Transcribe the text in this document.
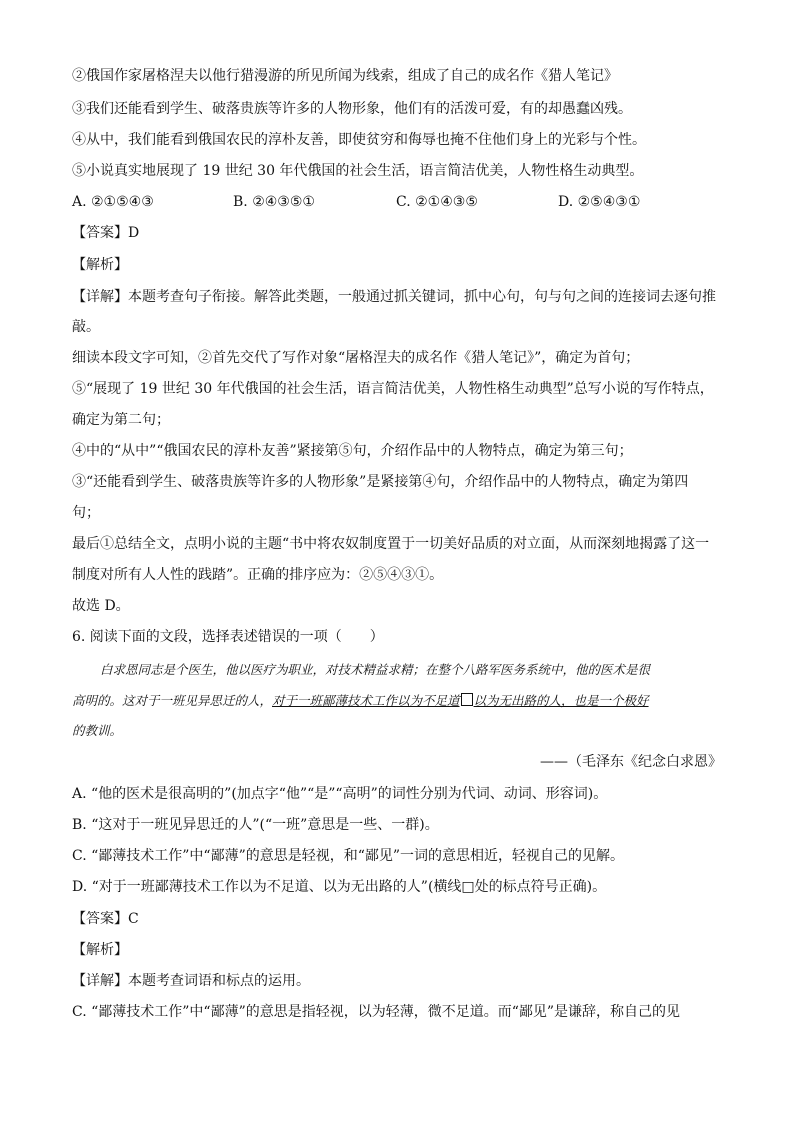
②俄国作家屠格涅夫以他行猎漫游的所见所闻为线索，组成了自己的成名作《猎人笔记》
③我们还能看到学生、破落贵族等许多的人物形象，他们有的活泼可爱，有的却愚蠢凶残。
④从中，我们能看到俄国农民的淳朴友善，即使贫穷和侮辱也掩不住他们身上的光彩与个性。
⑤小说真实地展现了 19 世纪 30 年代俄国的社会生活，语言简洁优美，人物性格生动典型。
A. ②①⑤④③	B. ②④③⑤①	C. ②①④③⑤	D. ②⑤④③①
【答案】D
【解析】
【详解】本题考查句子衔接。解答此类题，一般通过抓关键词，抓中心句，句与句之间的连接词去逐句推
敲。
细读本段文字可知，②首先交代了写作对象“屠格涅夫的成名作《猎人笔记》”，确定为首句；
⑤“展现了 19 世纪 30 年代俄国的社会生活，语言简洁优美，人物性格生动典型”总写小说的写作特点，
确定为第二句；
④中的“从中”“俄国农民的淳朴友善”紧接第⑤句，介绍作品中的人物特点，确定为第三句；
③“还能看到学生、破落贵族等许多的人物形象”是紧接第④句，介绍作品中的人物特点，确定为第四
句；
最后①总结全文，点明小说的主题“书中将农奴制度置于一切美好品质的对立面，从而深刻地揭露了这一
制度对所有人人性的践踏”。正确的排序应为：②⑤④③①。
故选 D。
6. 阅读下面的文段，选择表述错误的一项（　　）
白求恩同志是个医生，他以医疗为职业，对技术精益求精；在整个八路军医务系统中，他的医术是很
高明的。这对于一班见异思迁的人，对于一班鄙薄技术工作以为不足道 以为无出路的人，也是一个极好
的教训。
——（毛泽东《纪念白求恩》
A. “他的医术是很高明的”(加点字“他”“是”“高明”的词性分别为代词、动词、形容词)。
B. “这对于一班见异思迁的人”(“一班”意思是一些、一群)。
C. “鄙薄技术工作”中“鄙薄”的意思是轻视，和“鄙见”一词的意思相近，轻视自己的见解。
D. “对于一班鄙薄技术工作以为不足道、以为无出路的人”(横线□处的标点符号正确)。
【答案】C
【解析】
【详解】本题考查词语和标点的运用。
C. “鄙薄技术工作”中“鄙薄”的意思是指轻视，以为轻薄，微不足道。而“鄙见”是谦辞，称自己的见
